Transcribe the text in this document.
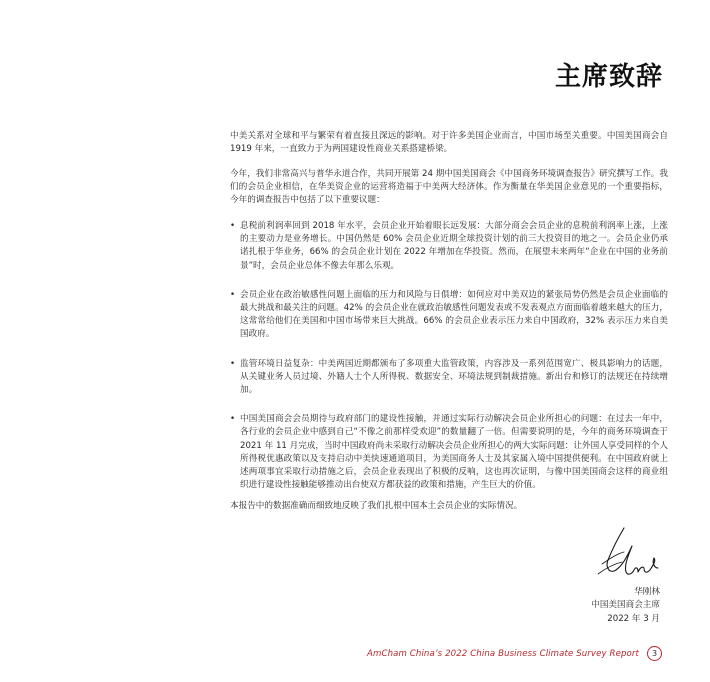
主席致辞
中美关系对全球和平与繁荣有着直接且深远的影响。对于许多美国企业而言，中国市场至关重要。中国美国商会自 1919 年来，一直致力于为两国建设性商业关系搭建桥梁。
今年，我们非常高兴与普华永道合作，共同开展第 24 期中国美国商会《中国商务环境调查报告》研究撰写工作。我们的会员企业相信，在华美资企业的运营将造福于中美两大经济体。作为衡量在华美国企业意见的一个重要指标，今年的调查报告中包括了以下重要议题：
• 息税前利润率回到 2018 年水平，会员企业开始着眼长远发展：大部分商会会员企业的息税前利润率上涨，上涨的主要动力是业务增长。中国仍然是 60% 会员企业近期全球投资计划的前三大投资目的地之一。会员企业仍承诺扎根于华业务，66% 的会员企业计划在 2022 年增加在华投资。然而，在展望未来两年“企业在中国的业务前景”时，会员企业总体不像去年那么乐观。
• 会员企业在政治敏感性问题上面临的压力和风险与日俱增：如何应对中美双边的紧张局势仍然是会员企业面临的最大挑战和最关注的问题。42% 的会员企业在就政治敏感性问题发表或不发表观点方面面临着越来越大的压力，这常常给他们在美国和中国市场带来巨大挑战。66% 的会员企业表示压力来自中国政府，32% 表示压力来自美国政府。
• 监管环境日益复杂：中美两国近期都颁布了多项重大监管政策，内容涉及一系列范围宽广、极具影响力的话题，从关键业务人员过境、外籍人士个人所得税、数据安全、环境法规到制裁措施。新出台和修订的法规还在持续增加。
• 中国美国商会会员期待与政府部门的建设性接触，并通过实际行动解决会员企业所担心的问题：在过去一年中，各行业的会员企业中感到自己“不像之前那样受欢迎”的数量翻了一倍。但需要说明的是，今年的商务环境调查于 2021 年 11 月完成，当时中国政府尚未采取行动解决会员企业所担心的两大实际问题：让外国人享受同样的个人所得税优惠政策以及支持启动中美快速通道项目，为美国商务人士及其家属入境中国提供便利。在中国政府就上述两项事宜采取行动措施之后，会员企业表现出了积极的反响，这也再次证明，与像中国美国商会这样的商业组织进行建设性接触能够推动出台使双方都获益的政策和措施，产生巨大的价值。
本报告中的数据准确而细致地反映了我们扎根中国本土会员企业的实际情况。
华刚林
中国美国商会主席
2022 年 3 月
AmCham China’s 2022 China Business Climate Survey Report	3
